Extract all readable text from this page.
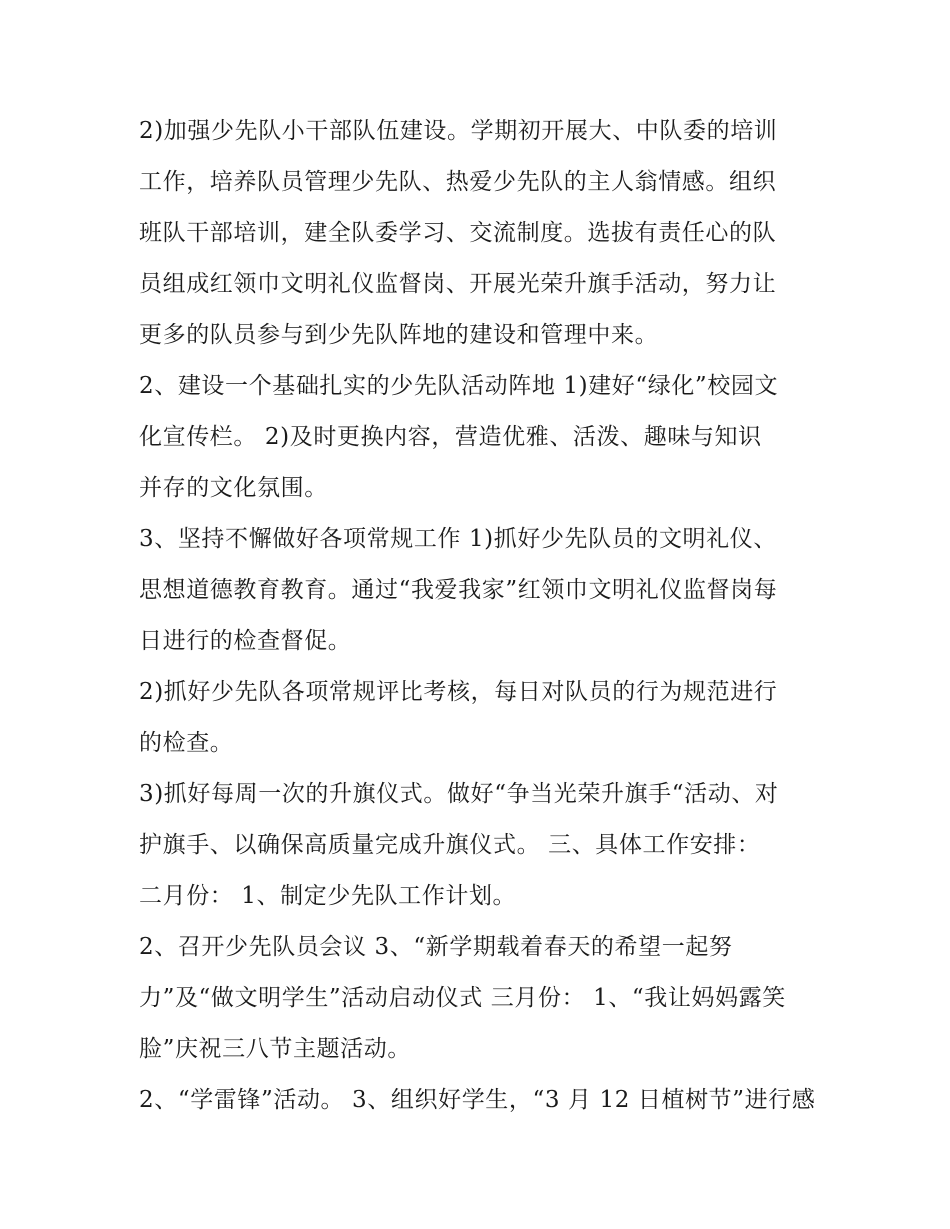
2)加强少先队小干部队伍建设。学期初开展大、中队委的培训
工作，培养队员管理少先队、热爱少先队的主人翁情感。组织
班队干部培训，建全队委学习、交流制度。选拔有责任心的队
员组成红领巾文明礼仪监督岗、开展光荣升旗手活动，努力让
更多的队员参与到少先队阵地的建设和管理中来。
2、建设一个基础扎实的少先队活动阵地 1)建好“绿化”校园文
化宣传栏。 2)及时更换内容，营造优雅、活泼、趣味与知识
并存的文化氛围。
3、坚持不懈做好各项常规工作 1)抓好少先队员的文明礼仪、
思想道德教育教育。通过“我爱我家”红领巾文明礼仪监督岗每
日进行的检查督促。
2)抓好少先队各项常规评比考核，每日对队员的行为规范进行
的检查。
3)抓好每周一次的升旗仪式。做好“争当光荣升旗手“活动、对
护旗手、以确保高质量完成升旗仪式。 三、具体工作安排：
二月份： 1、制定少先队工作计划。
2、召开少先队员会议 3、“新学期载着春天的希望一起努
力”及“做文明学生”活动启动仪式 三月份： 1、“我让妈妈露笑
脸”庆祝三八节主题活动。
2、“学雷锋”活动。 3、组织好学生，“3 月 12 日植树节”进行感
